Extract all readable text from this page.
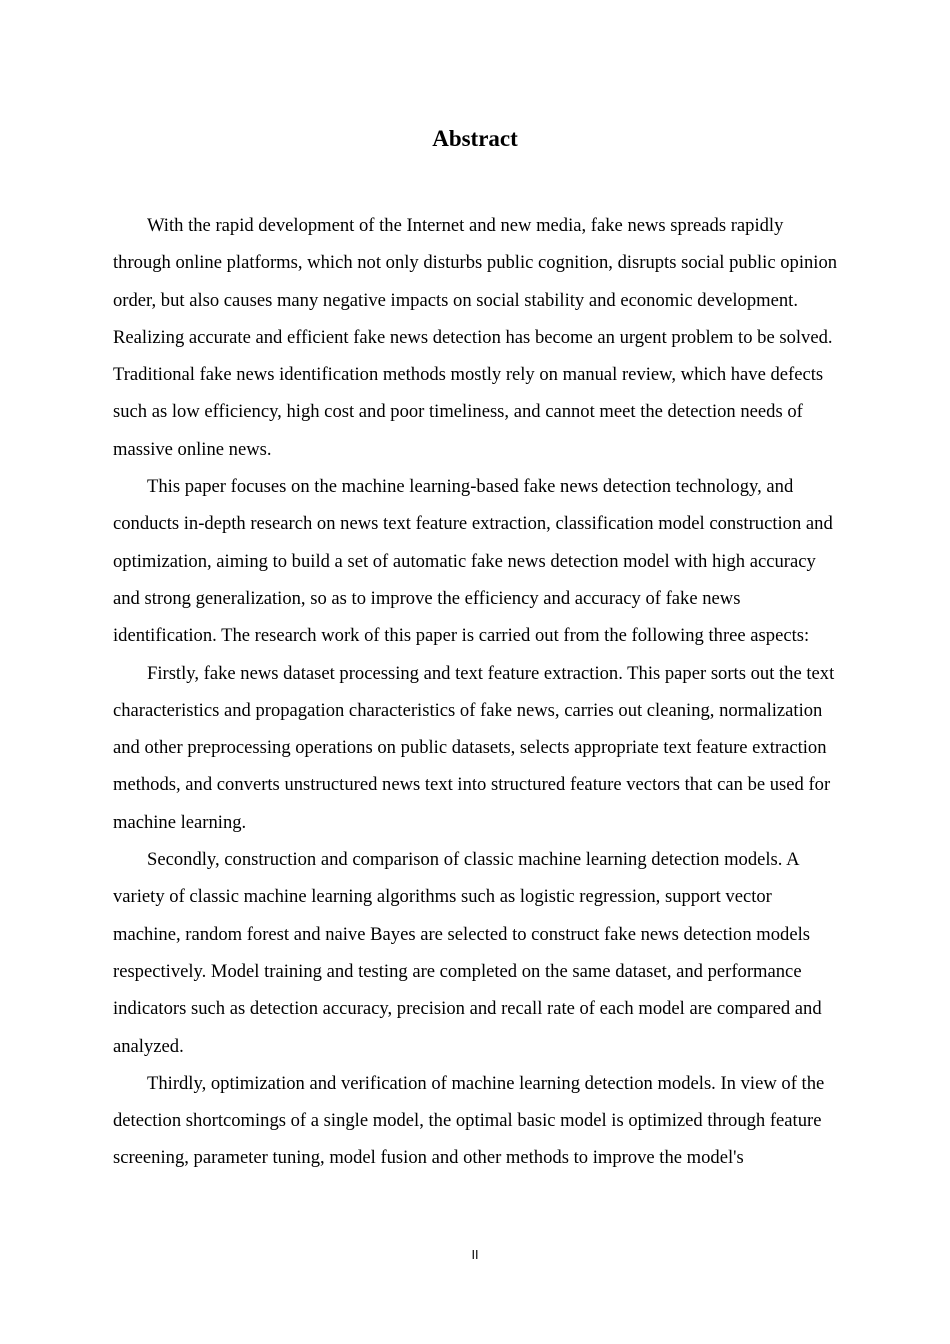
Abstract

With the rapid development of the Internet and new media, fake news spreads rapidly through online platforms, which not only disturbs public cognition, disrupts social public opinion order, but also causes many negative impacts on social stability and economic development. Realizing accurate and efficient fake news detection has become an urgent problem to be solved. Traditional fake news identification methods mostly rely on manual review, which have defects such as low efficiency, high cost and poor timeliness, and cannot meet the detection needs of massive online news.

This paper focuses on the machine learning-based fake news detection technology, and conducts in-depth research on news text feature extraction, classification model construction and optimization, aiming to build a set of automatic fake news detection model with high accuracy and strong generalization, so as to improve the efficiency and accuracy of fake news identification. The research work of this paper is carried out from the following three aspects:

Firstly, fake news dataset processing and text feature extraction. This paper sorts out the text characteristics and propagation characteristics of fake news, carries out cleaning, normalization and other preprocessing operations on public datasets, selects appropriate text feature extraction methods, and converts unstructured news text into structured feature vectors that can be used for machine learning.

Secondly, construction and comparison of classic machine learning detection models. A variety of classic machine learning algorithms such as logistic regression, support vector machine, random forest and naive Bayes are selected to construct fake news detection models respectively. Model training and testing are completed on the same dataset, and performance indicators such as detection accuracy, precision and recall rate of each model are compared and analyzed.

Thirdly, optimization and verification of machine learning detection models. In view of the detection shortcomings of a single model, the optimal basic model is optimized through feature screening, parameter tuning, model fusion and other methods to improve the model's

II
